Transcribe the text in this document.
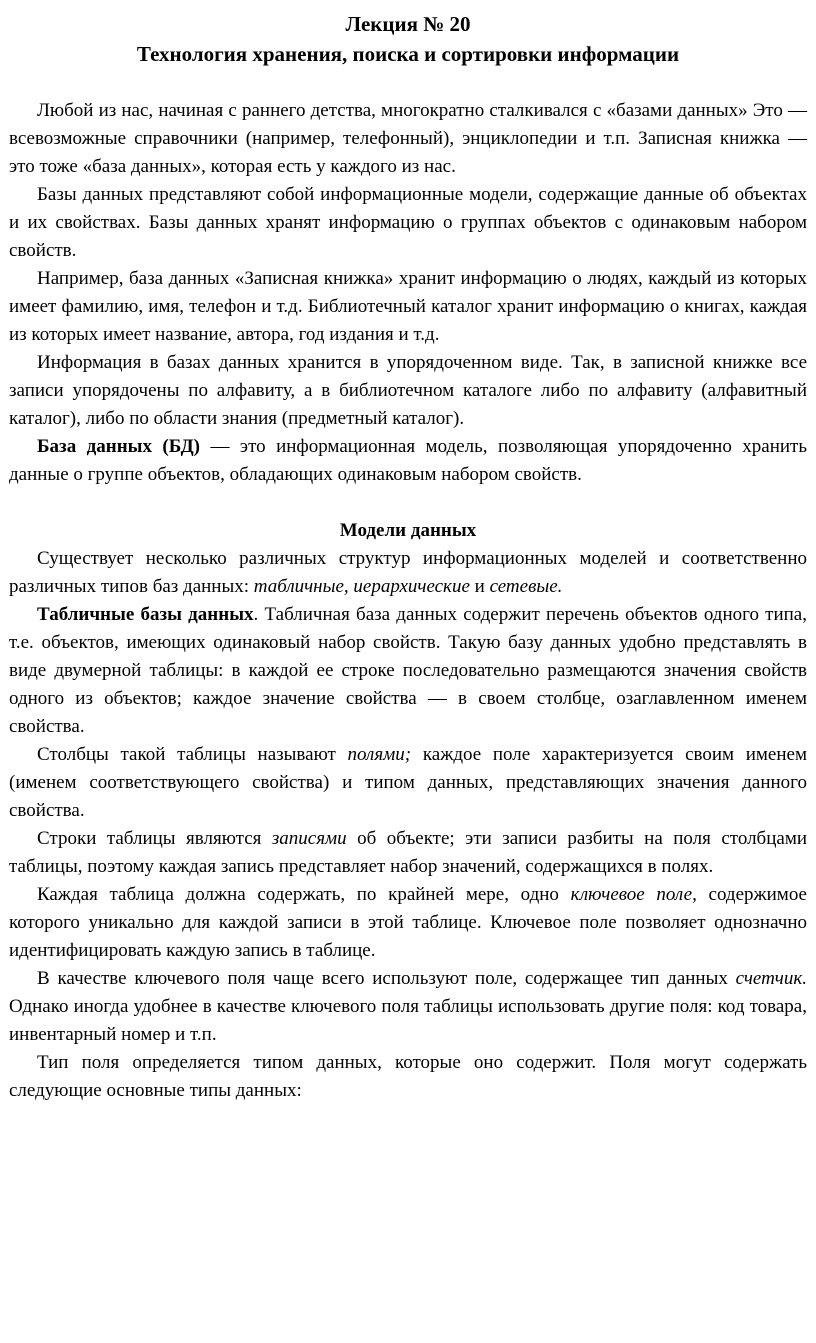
Лекция № 20

Технология хранения, поиска и сортировки информации

Любой из нас, начиная с раннего детства, многократно сталкивался с «базами данных» Это — всевозможные справочники (например, телефонный), энциклопедии и т.п. Записная книжка — это тоже «база данных», которая есть у каждого из нас.

Базы данных представляют собой информационные модели, содержащие данные об объектах и их свойствах. Базы данных хранят информацию о группах объектов с одинаковым набором свойств.

Например, база данных «Записная книжка» хранит информацию о людях, каждый из которых имеет фамилию, имя, телефон и т.д. Библиотечный каталог хранит информацию о книгах, каждая из которых имеет название, автора, год издания и т.д.

Информация в базах данных хранится в упорядоченном виде. Так, в записной книжке все записи упорядочены по алфавиту, а в библиотечном каталоге либо по алфавиту (алфавитный каталог), либо по области знания (предметный каталог).

База данных (БД) — это информационная модель, позволяющая упорядоченно хранить данные о группе объектов, обладающих одинаковым набором свойств.

Модели данных

Существует несколько различных структур информационных моделей и соответственно различных типов баз данных: табличные, иерархические и сетевые.

Табличные базы данных. Табличная база данных содержит перечень объектов одного типа, т.е. объектов, имеющих одинаковый набор свойств. Такую базу данных удобно представлять в виде двумерной таблицы: в каждой ее строке последовательно размещаются значения свойств одного из объектов; каждое значение свойства — в своем столбце, озаглавленном именем свойства.

Столбцы такой таблицы называют полями; каждое поле характеризуется своим именем (именем соответствующего свойства) и типом данных, представляющих значения данного свойства.

Строки таблицы являются записями об объекте; эти записи разбиты на поля столбцами таблицы, поэтому каждая запись представляет набор значений, содержащихся в полях.

Каждая таблица должна содержать, по крайней мере, одно ключевое поле, содержимое которого уникально для каждой записи в этой таблице. Ключевое поле позволяет однозначно идентифицировать каждую запись в таблице.

В качестве ключевого поля чаще всего используют поле, содержащее тип данных счетчик. Однако иногда удобнее в качестве ключевого поля таблицы использовать другие поля: код товара, инвентарный номер и т.п.

Тип поля определяется типом данных, которые оно содержит. Поля могут содержать следующие основные типы данных:
